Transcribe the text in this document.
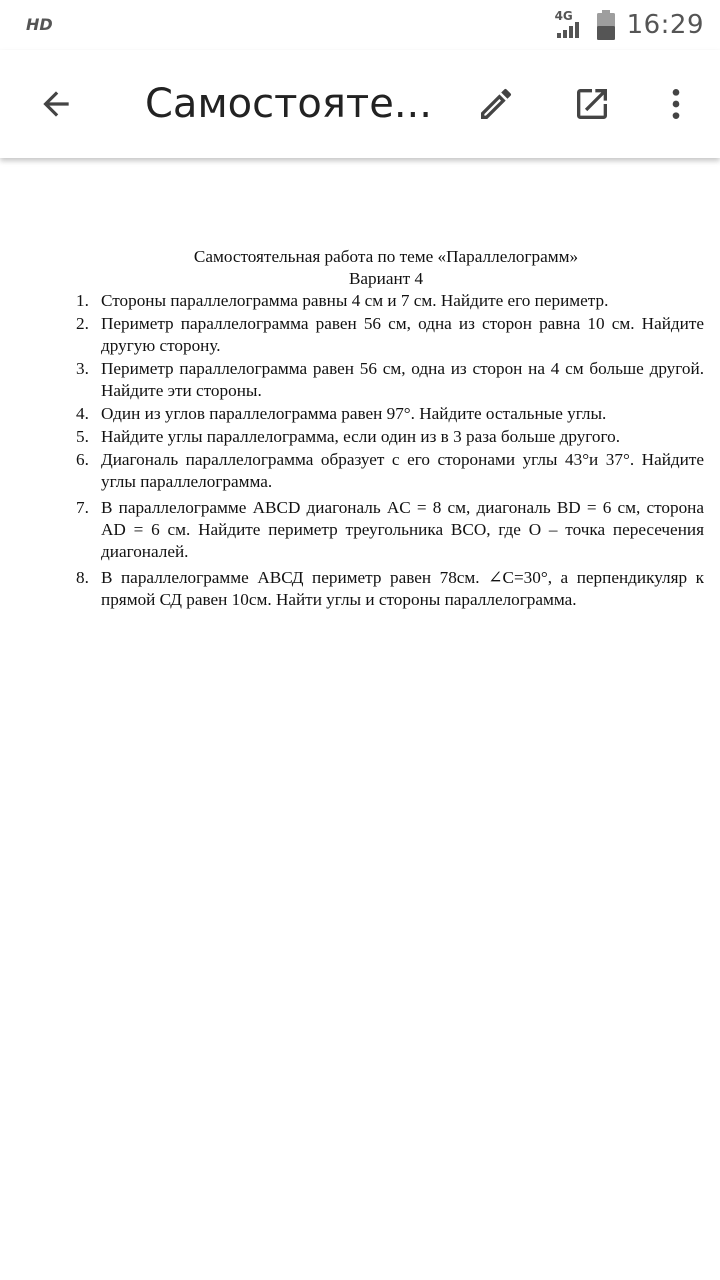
HD	4G 16:29
Самостояте...

Самостоятельная работа по теме «Параллелограмм»

Вариант 4

1. Стороны параллелограмма равны 4 см и 7 см. Найдите его периметр.
2. Периметр параллелограмма равен 56 см, одна из сторон равна 10 см. Найдите другую сторону.
3. Периметр параллелограмма равен 56 см, одна из сторон на 4 см больше другой. Найдите эти стороны.
4. Один из углов параллелограмма равен 97°. Найдите остальные углы.
5. Найдите углы параллелограмма, если один из в 3 раза больше другого.
6. Диагональ параллелограмма образует с его сторонами углы 43°и 37°. Найдите углы параллелограмма.
7. В параллелограмме ABCD диагональ AC = 8 см, диагональ BD = 6 см, сторона AD = 6 см. Найдите периметр треугольника BCO, где O – точка пересечения диагоналей.
8. В параллелограмме АВСД периметр равен 78см. ∠C=30°, а перпендикуляр к прямой СД равен 10см. Найти углы и стороны параллелограмма.
